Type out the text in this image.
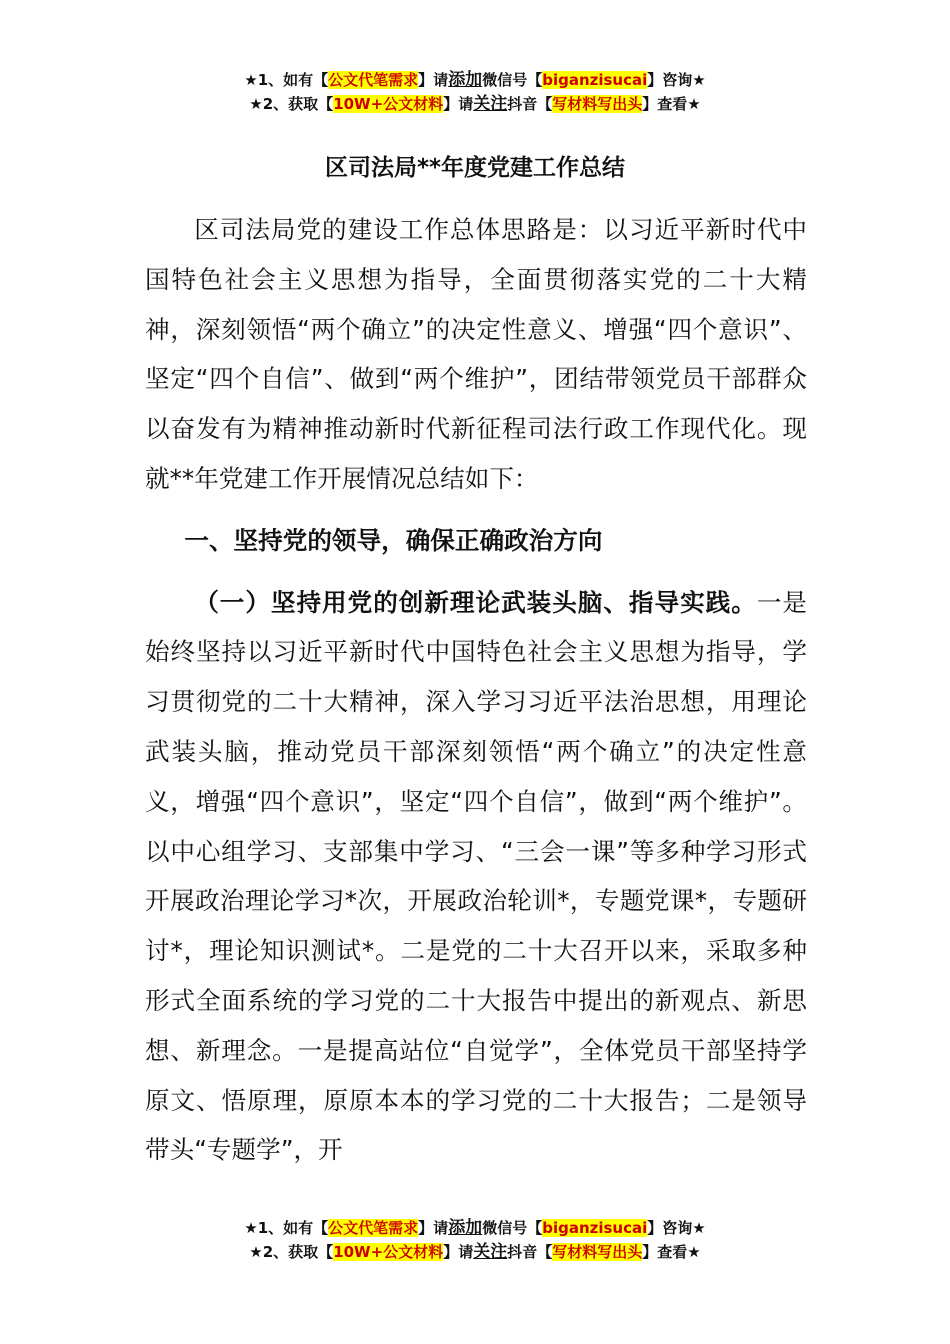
★1、如有【公文代笔需求】请添加微信号【biganzisucai】咨询★
★2、获取【10W+公文材料】请关注抖音【写材料写出头】查看★
区司法局**年度党建工作总结

区司法局党的建设工作总体思路是：以习近平新时代中国特色社会主义思想为指导，全面贯彻落实党的二十大精神，深刻领悟“两个确立”的决定性意义、增强“四个意识”、坚定“四个自信”、做到“两个维护”，团结带领党员干部群众以奋发有为精神推动新时代新征程司法行政工作现代化。现就**年党建工作开展情况总结如下：

一、坚持党的领导，确保正确政治方向

（一）坚持用党的创新理论武装头脑、指导实践。一是始终坚持以习近平新时代中国特色社会主义思想为指导，学习贯彻党的二十大精神，深入学习习近平法治思想，用理论武装头脑，推动党员干部深刻领悟“两个确立”的决定性意义，增强“四个意识”，坚定“四个自信”，做到“两个维护”。以中心组学习、支部集中学习、“三会一课”等多种学习形式开展政治理论学习*次，开展政治轮训*，专题党课*，专题研讨*，理论知识测试*。二是党的二十大召开以来，采取多种形式全面系统的学习党的二十大报告中提出的新观点、新思想、新理念。一是提高站位“自觉学”，全体党员干部坚持学原文、悟原理，原原本本的学习党的二十大报告；二是领导带头“专题学”，开

★1、如有【公文代笔需求】请添加微信号【biganzisucai】咨询★
★2、获取【10W+公文材料】请关注抖音【写材料写出头】查看★
